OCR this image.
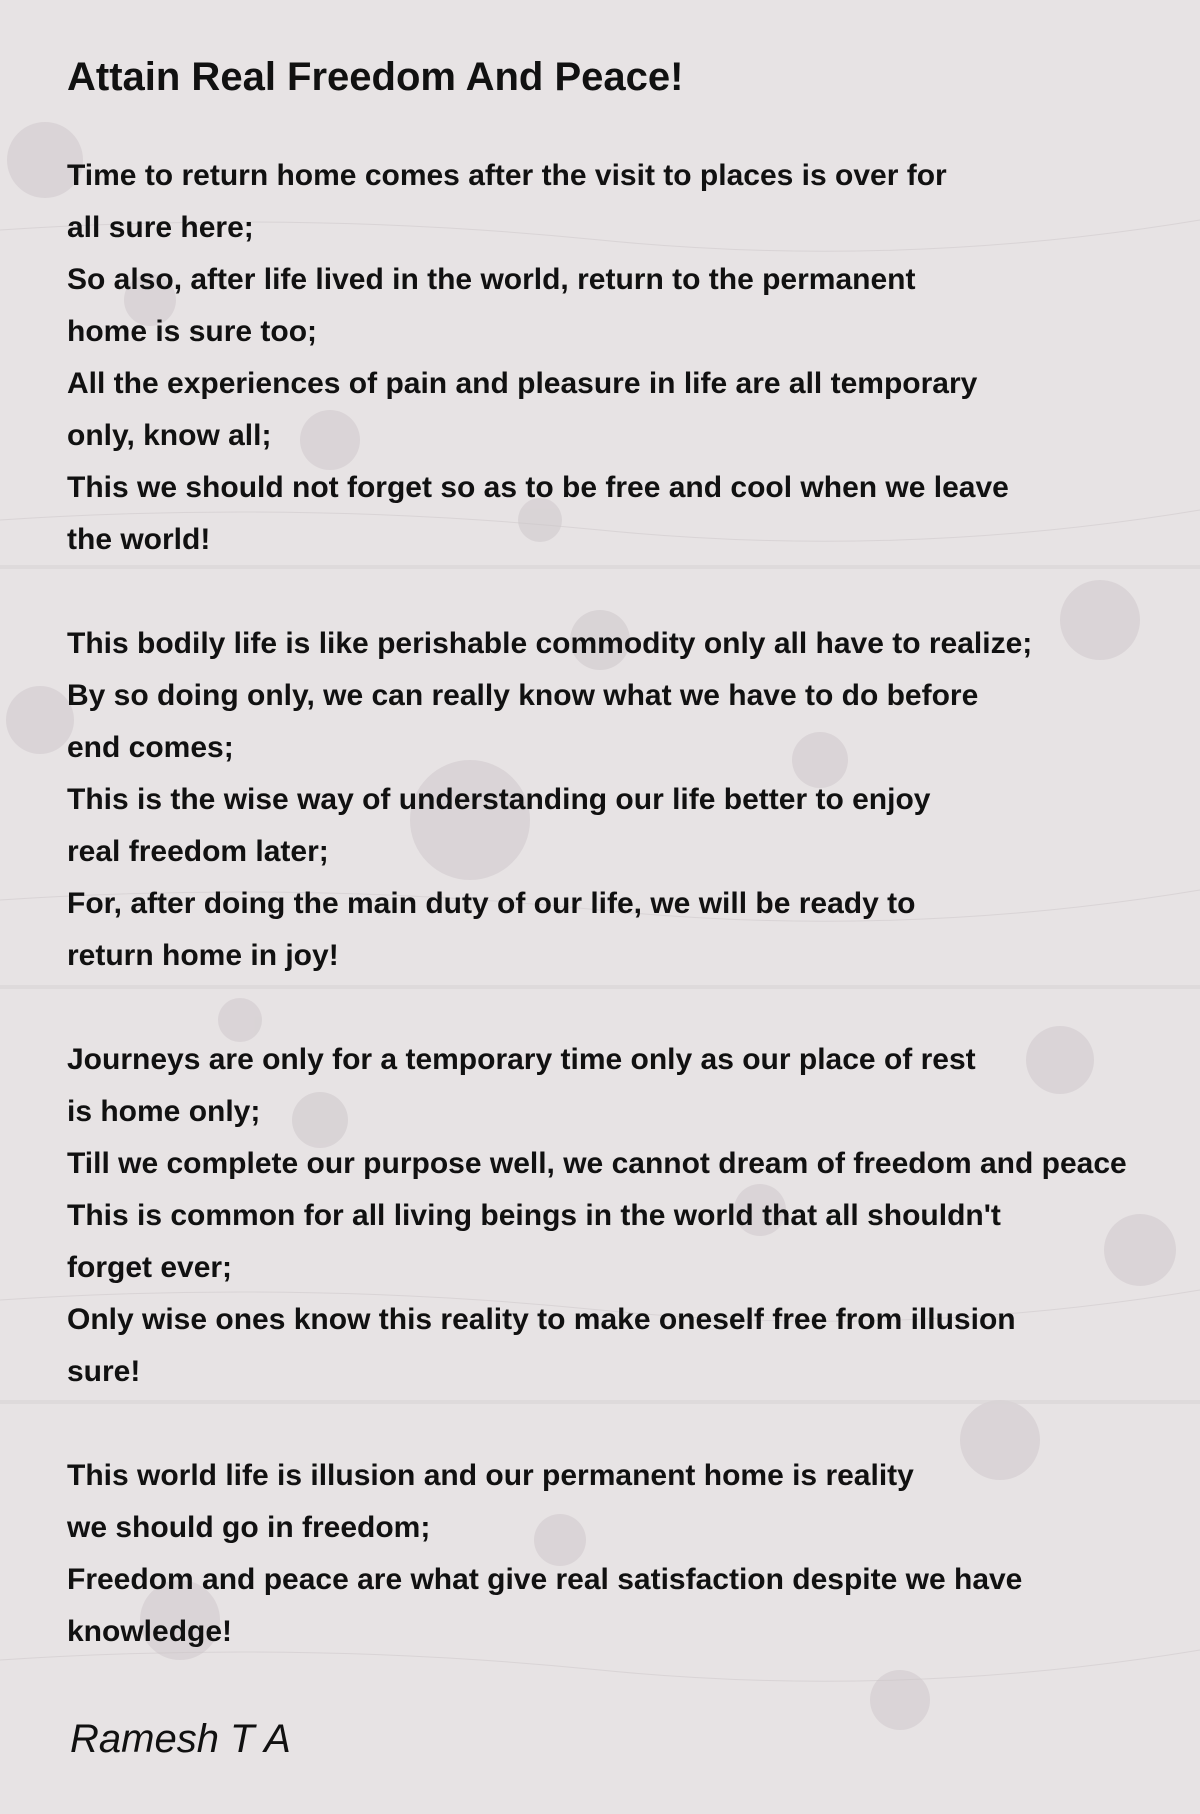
Attain Real Freedom And Peace!

Time to return home comes after the visit to places is over for
all sure here;
So also, after life lived in the world, return to the permanent
home is sure too;
All the experiences of pain and pleasure in life are all temporary
only, know all;
This we should not forget so as to be free and cool when we leave
the world!

This bodily life is like perishable commodity only all have to realize;
By so doing only, we can really know what we have to do before
end comes;
This is the wise way of understanding our life better to enjoy
real freedom later;
For, after doing the main duty of our life, we will be ready to
return home in joy!

Journeys are only for a temporary time only as our place of rest
is home only;
Till we complete our purpose well, we cannot dream of freedom and peace
This is common for all living beings in the world that all shouldn't
forget ever;
Only wise ones know this reality to make oneself free from illusion
sure!

This world life is illusion and our permanent home is reality
we should go in freedom;
Freedom and peace are what give real satisfaction despite we have
knowledge!

Ramesh T A
